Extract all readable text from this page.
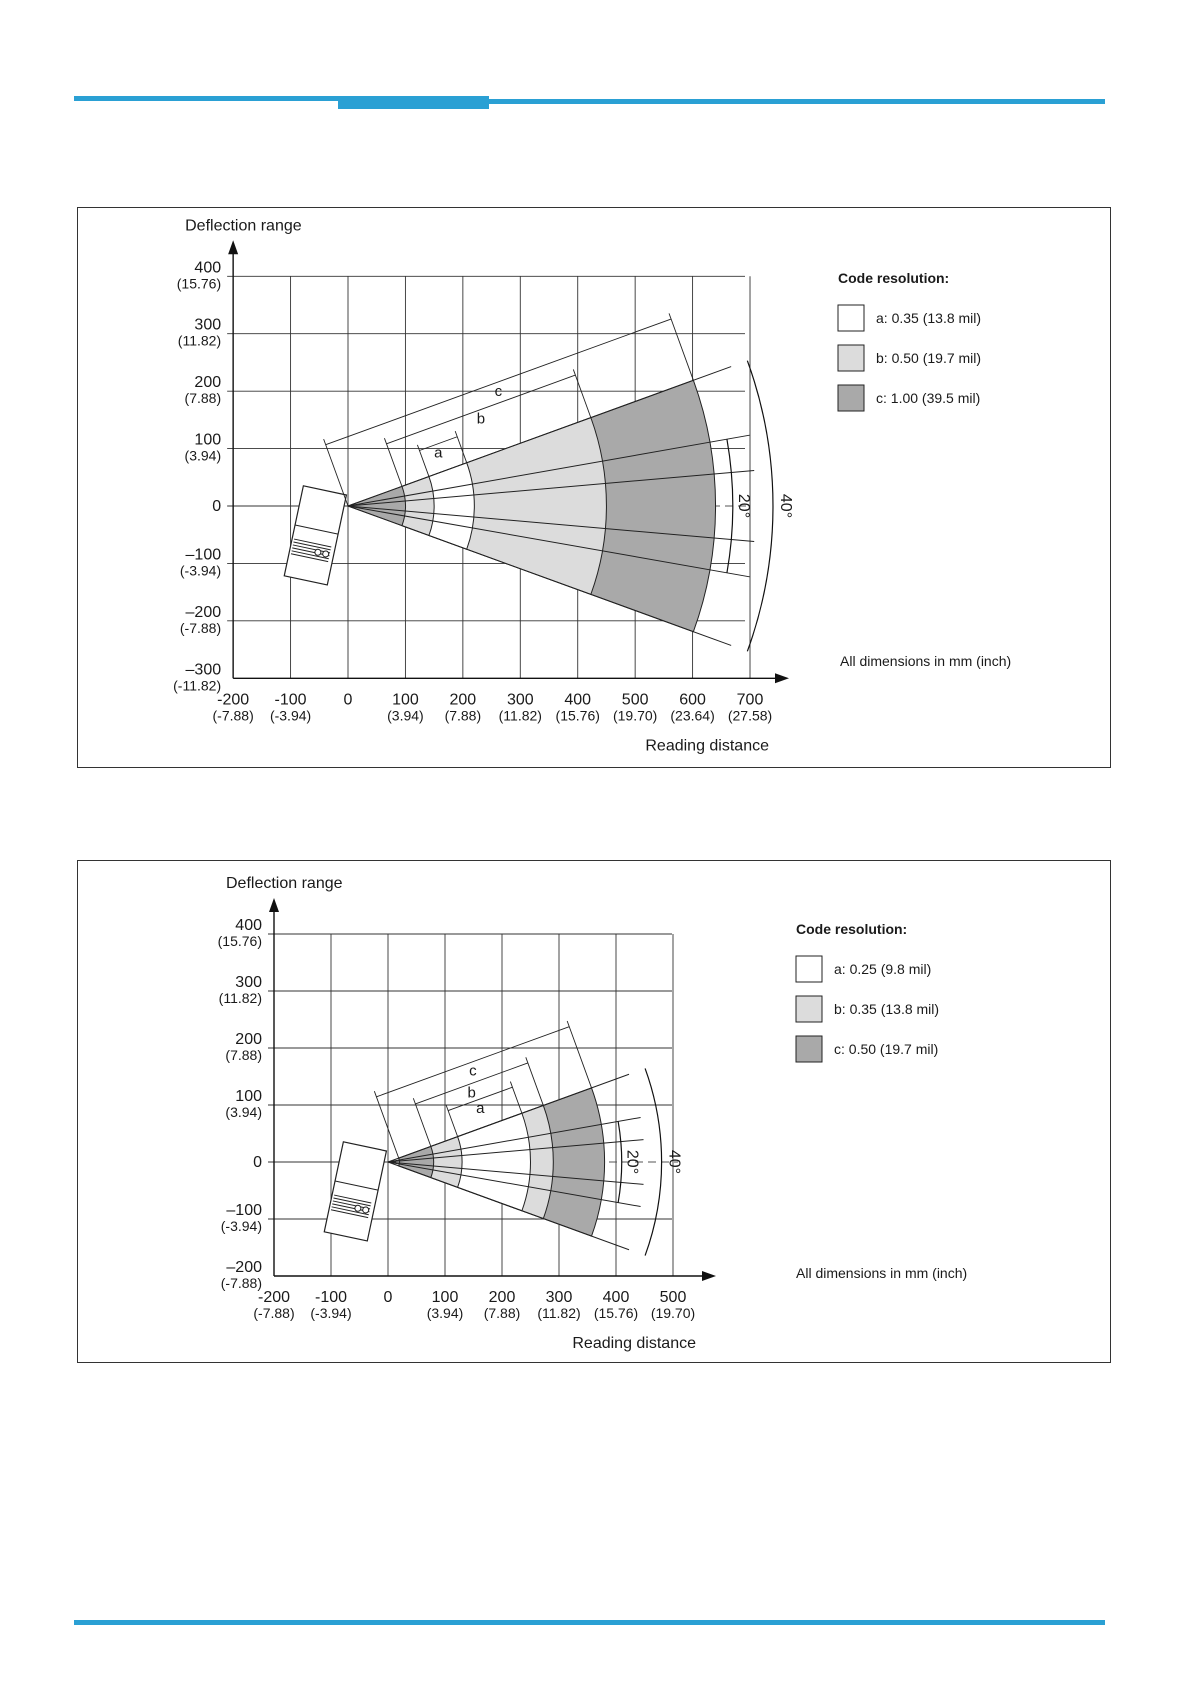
400
(15.76)
300
(11.82)
200
(7.88)
100
(3.94)
0
–100
(-3.94)
–200
(-7.88)
–300
(-11.82)
-200
(-7.88)
-100
(-3.94)
0 100
(3.94)
200
(7.88)
300
(11.82)
400
(15.76)
500
(19.70)
600
(23.64)
700
(27.58)
Deflection range
Reading distance
a
b
c
20° 40°
Code resolution:
a: 0.35 (13.8 mil)
b: 0.50 (19.7 mil)
c: 1.00 (39.5 mil)
All dimensions in mm (inch)
400
(15.76)
300
(11.82)
200
(7.88)
100
(3.94)
0
–100
(-3.94)
–200
(-7.88)
-200
(-7.88)
-100
(-3.94)
0 100
(3.94)
200
(7.88)
300
(11.82)
400
(15.76)
500
(19.70)
Deflection range
Reading distance
a
b
c
20° 40°
Code resolution:
a: 0.25 (9.8 mil)
b: 0.35 (13.8 mil)
c: 0.50 (19.7 mil)
All dimensions in mm (inch)
